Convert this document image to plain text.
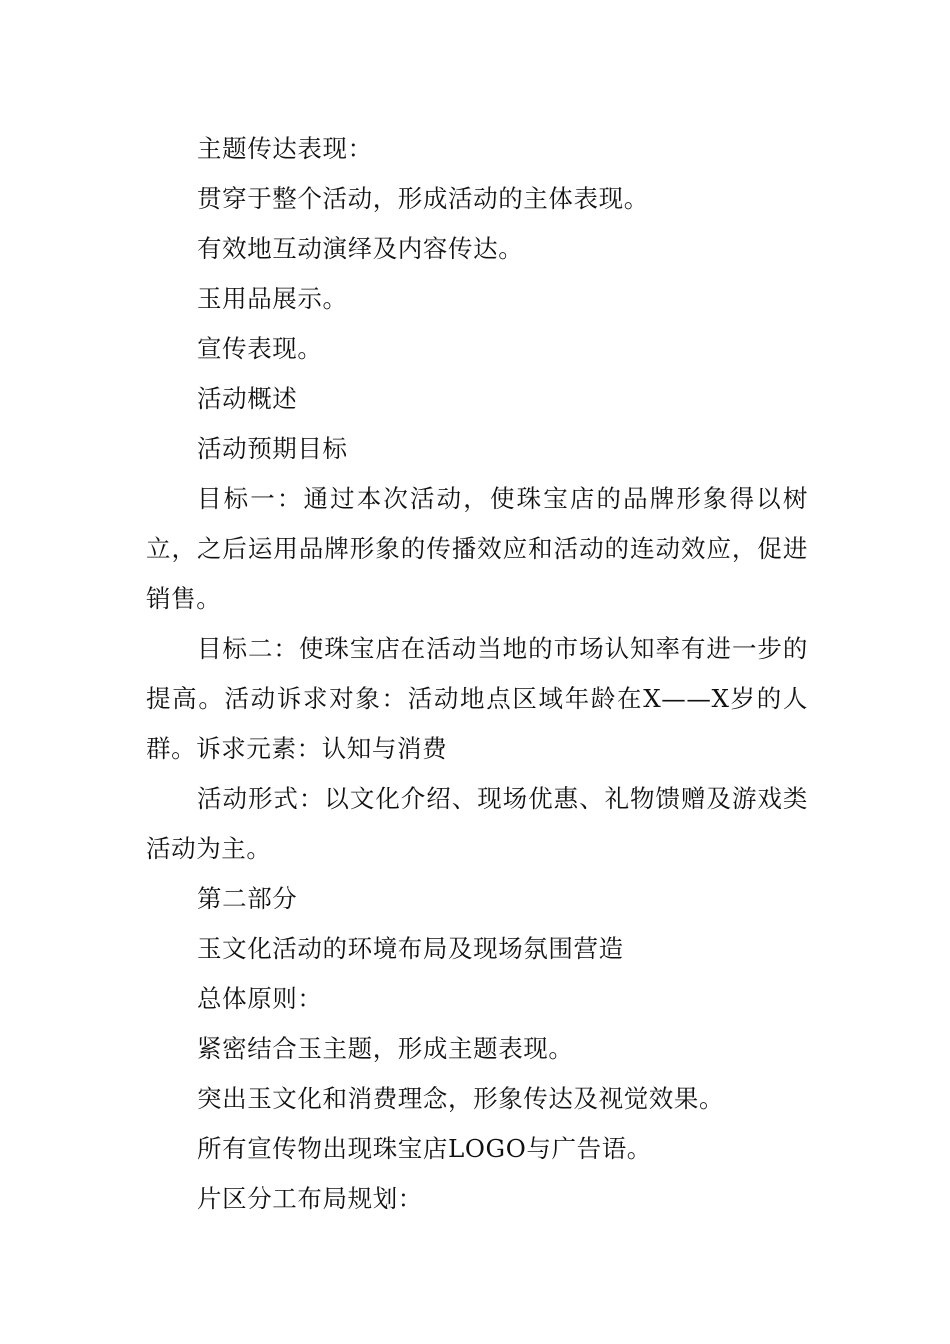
主题传达表现：

贯穿于整个活动，形成活动的主体表现。

有效地互动演绎及内容传达。

玉用品展示。

宣传表现。

活动概述

活动预期目标

目标一：通过本次活动，使珠宝店的品牌形象得以树立，之后运用品牌形象的传播效应和活动的连动效应，促进销售。

目标二：使珠宝店在活动当地的市场认知率有进一步的提高。活动诉求对象：活动地点区域年龄在X——X岁的人群。诉求元素：认知与消费

活动形式：以文化介绍、现场优惠、礼物馈赠及游戏类活动为主。

第二部分

玉文化活动的环境布局及现场氛围营造

总体原则：

紧密结合玉主题，形成主题表现。

突出玉文化和消费理念，形象传达及视觉效果。

所有宣传物出现珠宝店LOGO与广告语。

片区分工布局规划：
